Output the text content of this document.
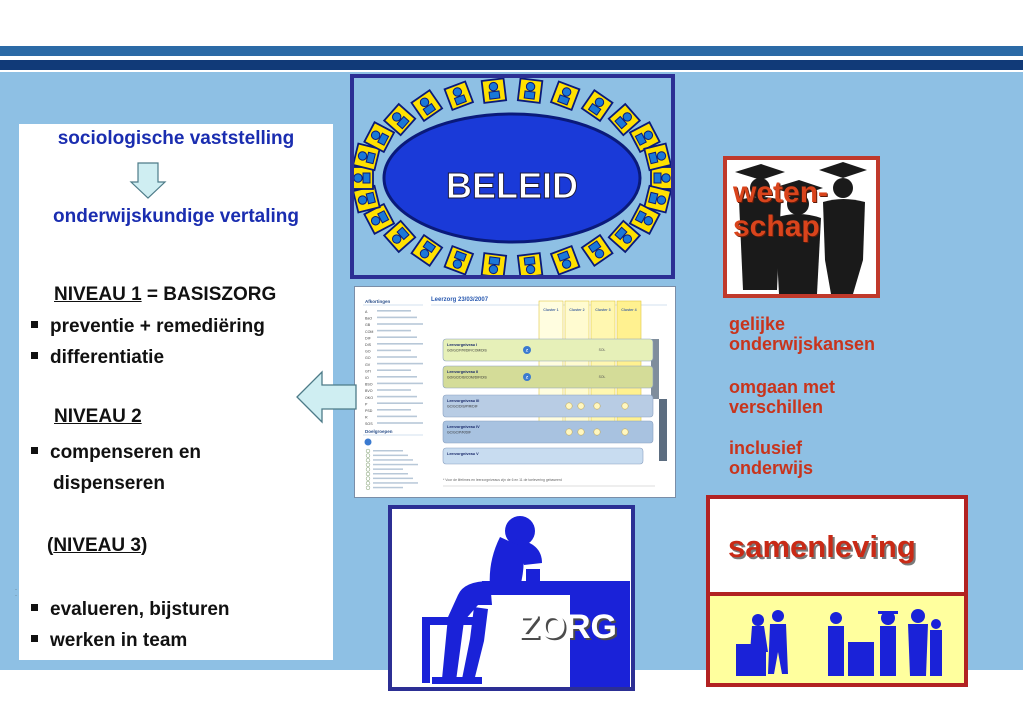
sociologische vaststelling
onderwijskundige vertaling
NIVEAU 1 = BASISZORG
preventie + remediëring
differentiatie
NIVEAU 2
compenseren en
dispenseren
(NIVEAU 3)
evalueren, bijsturen
werken in team
·
·
BELEID
Afkortingen
A
BaO
GB
COM
DIF
DIS
GO
GO
GV
GTI
IO
BSO
BVO
OKO
P
PSD
R
SOS
Doelgroepen
Leerzorg 23/03/2007
Cluster 1	Cluster 2	Cluster 3	Cluster 4
Leerzorgniveau I
GO/GC/P/R/DIF/COM/DIS	Z	SOL
Leerzorgniveau II
GO/GC/DIS/COM/DIF/DIS	Z	SOL
Leerzorgniveau III
GC/GC/DIS/P/R/DIF
Leerzorgniveau IV
GC/GC/P/R/DIF
Leerzorgniveau V
* Voor de lifetimes en leerzorgniveaus zijn de 6 en 11 de toelevering gebaseerd
ZORG
weten-
schap
gelijke
onderwijskansen
omgaan met
verschillen
inclusief
onderwijs
samenleving
